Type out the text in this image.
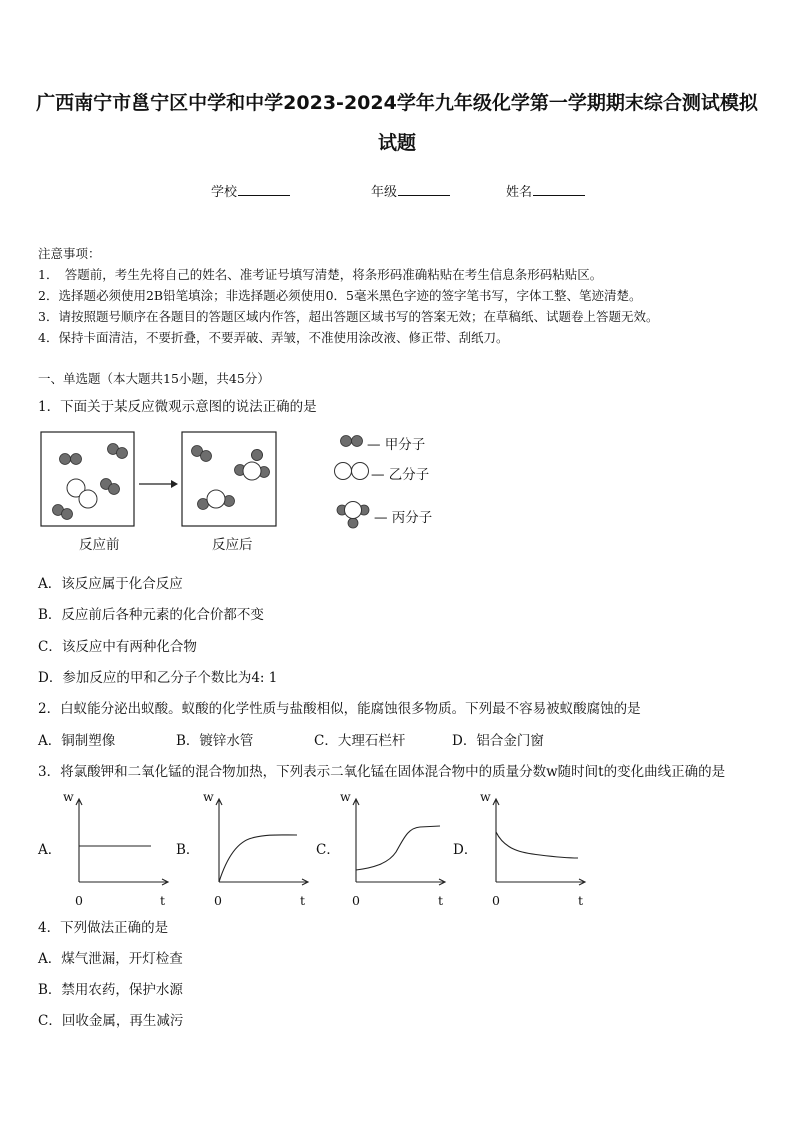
广西南宁市邕宁区中学和中学2023-2024学年九年级化学第一学期期末综合测试模拟
试题
学校	年级	姓名
注意事项：
1．　答题前，考生先将自己的姓名、准考证号填写清楚，将条形码准确粘贴在考生信息条形码粘贴区。
2．选择题必须使用2B铅笔填涂；非选择题必须使用0．5毫米黑色字迹的签字笔书写，字体工整、笔迹清楚。
3．请按照题号顺序在各题目的答题区域内作答，超出答题区域书写的答案无效；在草稿纸、试题卷上答题无效。
4．保持卡面清洁，不要折叠，不要弄破、弄皱，不准使用涂改液、修正带、刮纸刀。
一、单选题（本大题共15小题，共45分）
1．下面关于某反应微观示意图的说法正确的是
— 甲分子
— 乙分子
— 丙分子
反应前	反应后
A．该反应属于化合反应
B．反应前后各种元素的化合价都不变
C．该反应中有两种化合物
D．参加反应的甲和乙分子个数比为4: 1
2．白蚁能分泌出蚁酸。蚁酸的化学性质与盐酸相似，能腐蚀很多物质。下列最不容易被蚁酸腐蚀的是
A．铜制塑像	B．镀锌水管	C．大理石栏杆	D．铝合金门窗
3．将氯酸钾和二氧化锰的混合物加热，下列表示二氧化锰在固体混合物中的质量分数w随时间t的变化曲线正确的是
A．	B．	C．	D．
w	w	w	w
0	t	0	t	0	t	0	t
4．下列做法正确的是
A．煤气泄漏，开灯检查
B．禁用农药，保护水源
C．回收金属，再生减污
